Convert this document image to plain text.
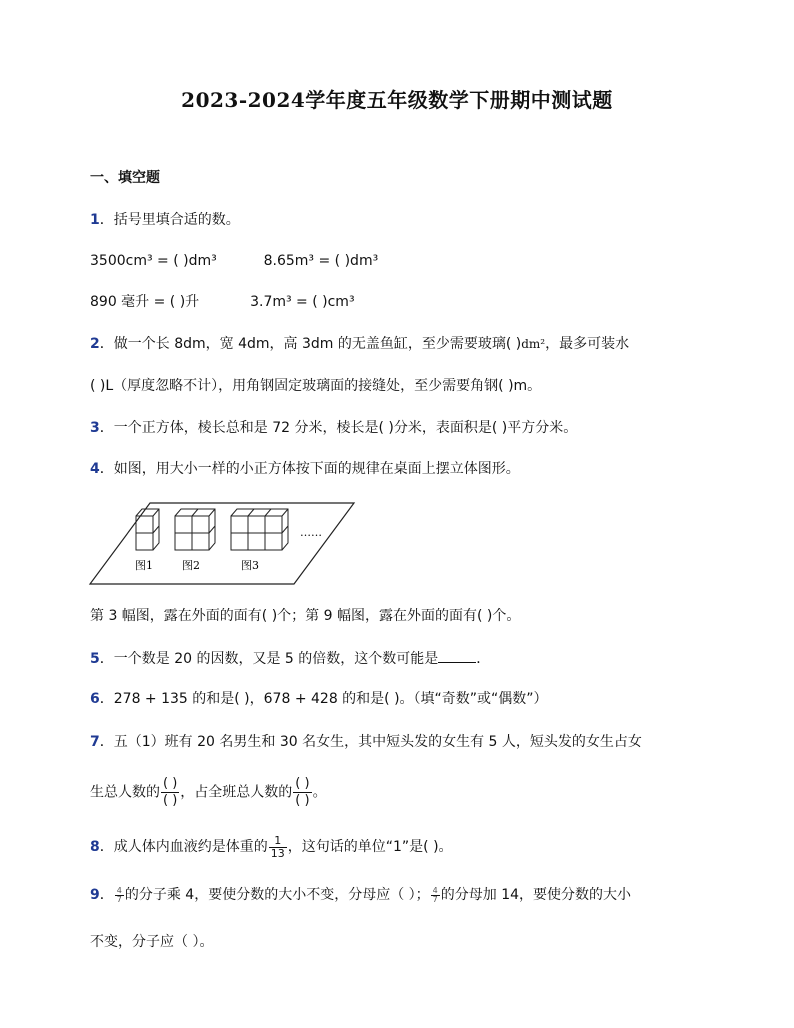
2023-2024学年度五年级数学下册期中测试题
一、填空题
1．括号里填合适的数。
3500cm³ = ( )dm³	8.65m³ = ( )dm³
890 毫升 = ( )升	3.7m³ = ( )cm³
2．做一个长 8dm，宽 4dm，高 3dm 的无盖鱼缸，至少需要玻璃( )dm²，最多可装水
( )L（厚度忽略不计），用角钢固定玻璃面的接缝处，至少需要角钢( )m。
3．一个正方体，棱长总和是 72 分米，棱长是( )分米，表面积是( )平方分米。
4．如图，用大小一样的小正方体按下面的规律在桌面上摆立体图形。
……
图1	图2	图3
第 3 幅图，露在外面的面有( )个；第 9 幅图，露在外面的面有( )个。
5．一个数是 20 的因数，又是 5 的倍数，这个数可能是	．
6．278 + 135 的和是( )，678 + 428 的和是( )。（填“奇数”或“偶数”）
7．五（1）班有 20 名男生和 30 名女生，其中短头发的女生有 5 人，短头发的女生占女
生总人数的 $\frac{( )}{( )}$ ，占全班总人数的 $\frac{( )}{( )}$ 。
8．成人体内血液约是体重的 $\frac{1}{13}$ ，这句话的单位“1”是( )。
9． $\frac{4}{7}$ 的分子乘 4，要使分数的大小不变，分母应（ ）； $\frac{4}{7}$ 的分母加 14，要使分数的大小
不变，分子应（ ）。
